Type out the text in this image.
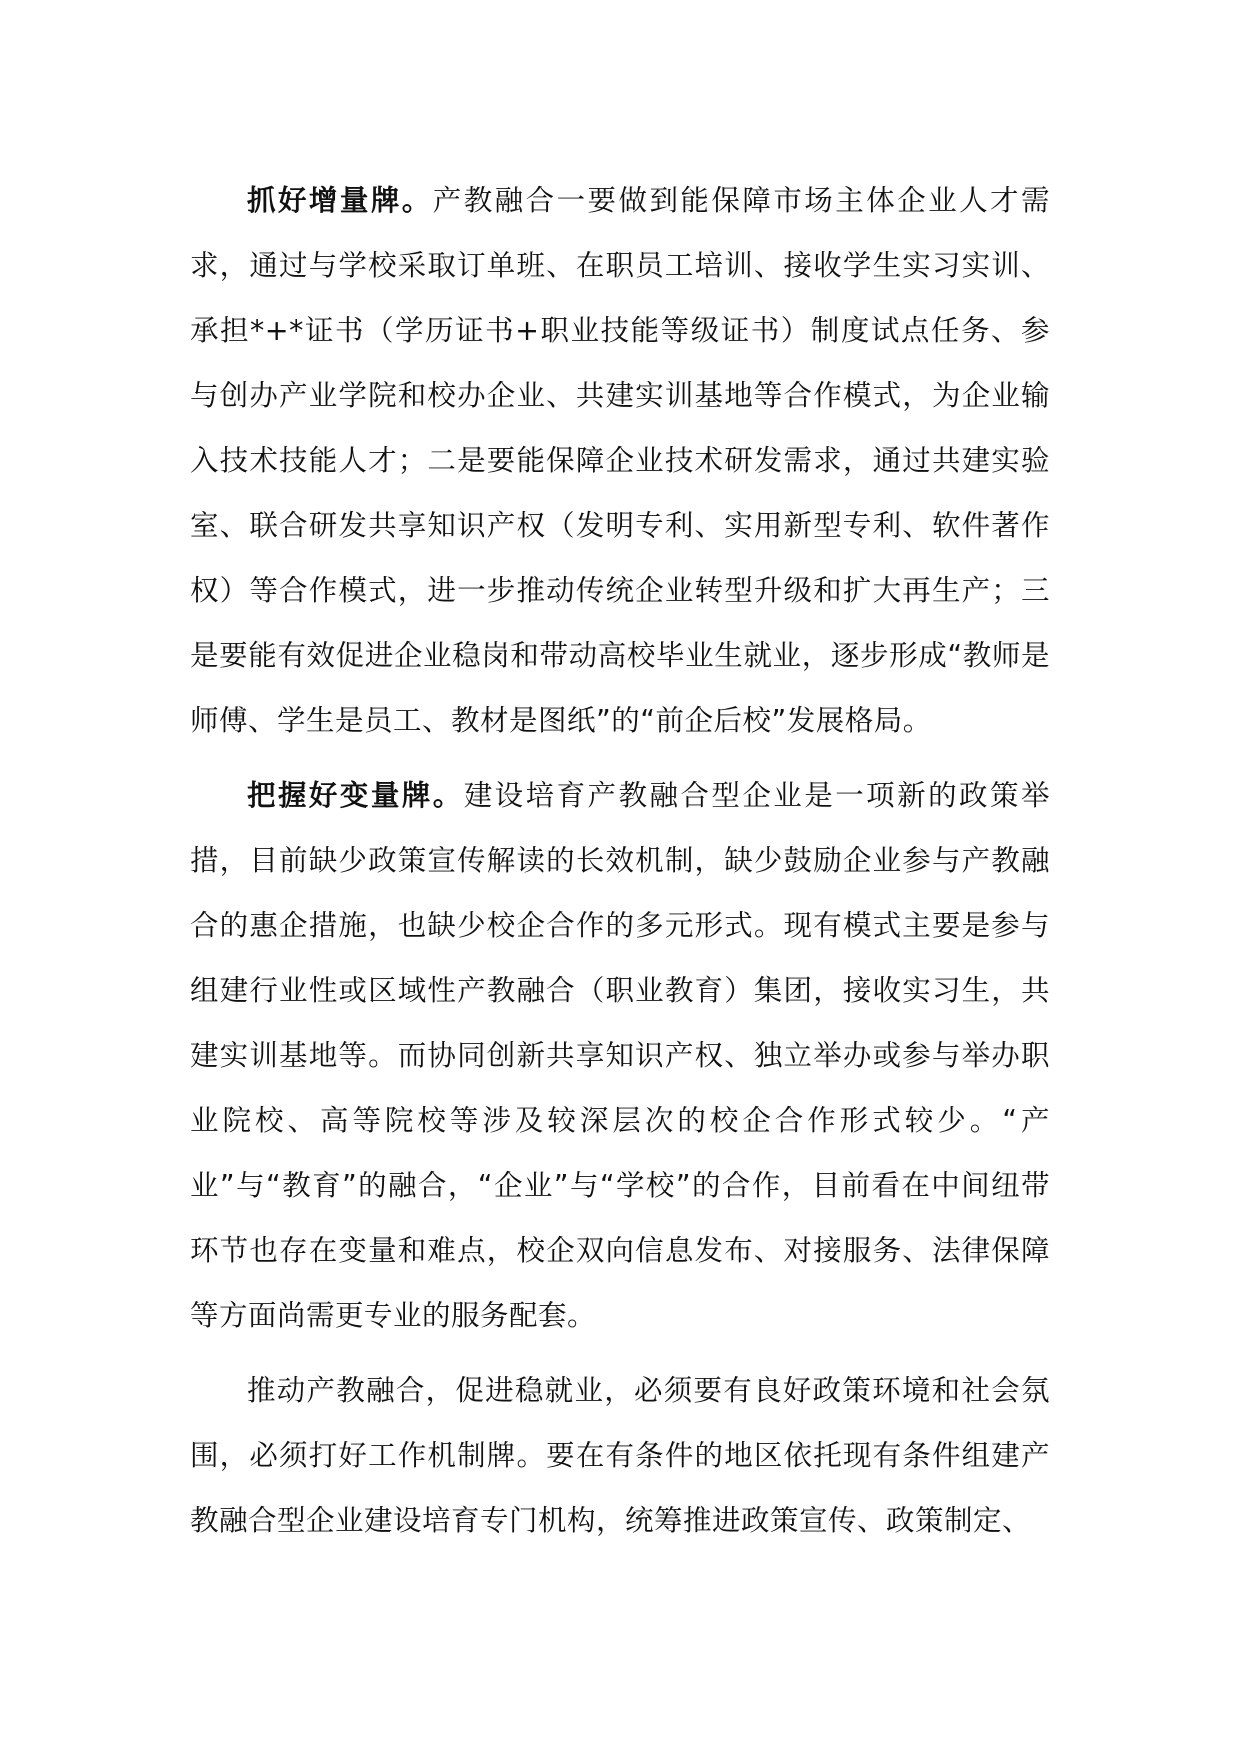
抓好增量牌。产教融合一要做到能保障市场主体企业人才需求，通过与学校采取订单班、在职员工培训、接收学生实习实训、承担*+*证书（学历证书+职业技能等级证书）制度试点任务、参与创办产业学院和校办企业、共建实训基地等合作模式，为企业输入技术技能人才；二是要能保障企业技术研发需求，通过共建实验室、联合研发共享知识产权（发明专利、实用新型专利、软件著作权）等合作模式，进一步推动传统企业转型升级和扩大再生产；三是要能有效促进企业稳岗和带动高校毕业生就业，逐步形成“教师是师傅、学生是员工、教材是图纸”的“前企后校”发展格局。

把握好变量牌。建设培育产教融合型企业是一项新的政策举措，目前缺少政策宣传解读的长效机制，缺少鼓励企业参与产教融合的惠企措施，也缺少校企合作的多元形式。现有模式主要是参与组建行业性或区域性产教融合（职业教育）集团，接收实习生，共建实训基地等。而协同创新共享知识产权、独立举办或参与举办职业院校、高等院校等涉及较深层次的校企合作形式较少。“产业”与“教育”的融合，“企业”与“学校”的合作，目前看在中间纽带环节也存在变量和难点，校企双向信息发布、对接服务、法律保障等方面尚需更专业的服务配套。

推动产教融合，促进稳就业，必须要有良好政策环境和社会氛围，必须打好工作机制牌。要在有条件的地区依托现有条件组建产教融合型企业建设培育专门机构，统筹推进政策宣传、政策制定、
